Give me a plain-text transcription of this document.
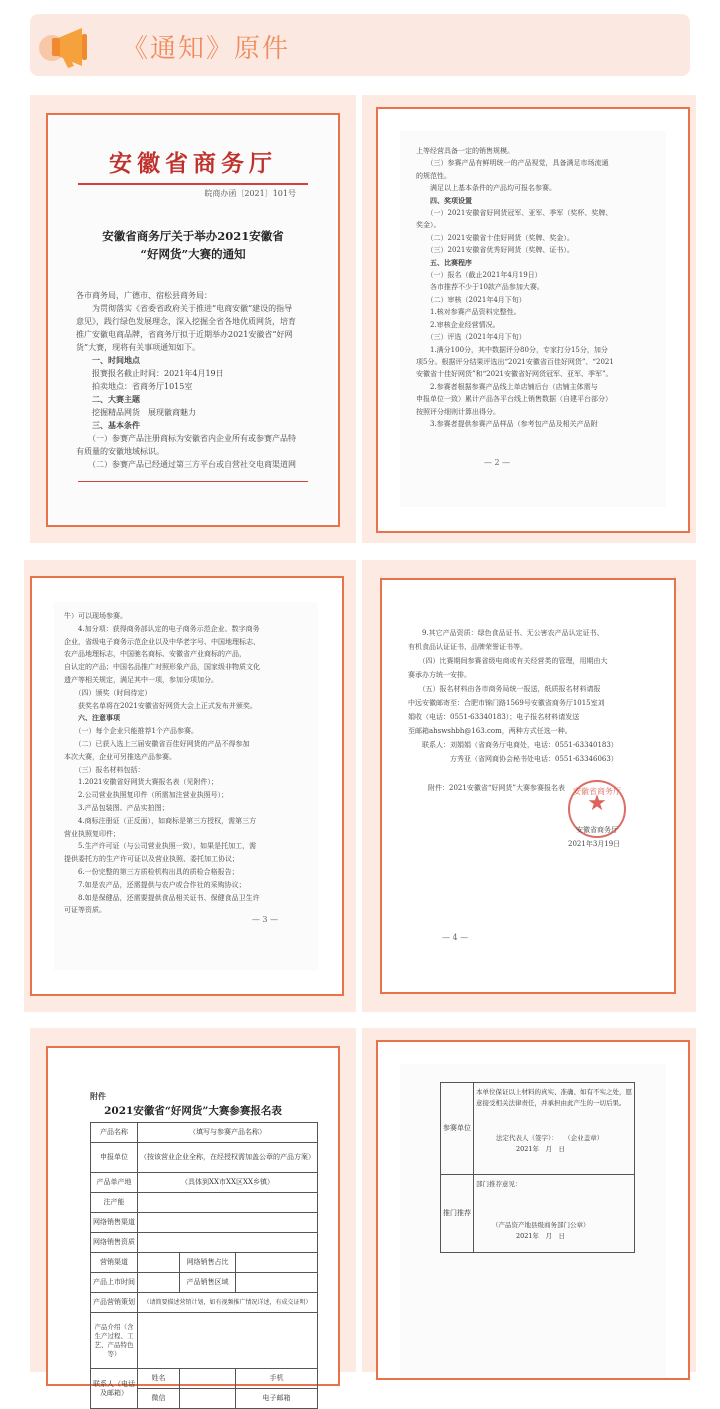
《通知》原件
安徽省商务厅
皖商办函〔2021〕101号
安徽省商务厅关于举办2021安徽省
“好网货”大赛的通知

各市商务局，广德市、宿松县商务局：

　　为贯彻落实《省委省政府关于推进“电商安徽”建设的指导

意见》，践行绿色发展理念，深入挖掘全省各地优质网货，培育

推广安徽电商品牌，省商务厅拟于近期举办2021安徽省“好网

货”大赛，现将有关事项通知如下。

　　一、时间地点

　　报赛报名截止时间：2021年4月19日

　　拍卖地点：省商务厅1015室

　　二、大赛主题

　　挖掘精品网货　展现徽商魅力

　　三、基本条件

　　（一）参赛产品注册商标为安徽省内企业所有或参赛产品特

有质量的安徽地域标识。

　　（二）参赛产品已经通过第三方平台或自营社交电商渠道网

上等经营具备一定的销售规模。

　　（三）参赛产品有鲜明统一的产品视觉，具备满足市场流通

的规范性。

　　满足以上基本条件的产品均可报名参赛。

　　四、奖项设置

　　（一）2021安徽省好网货冠军、亚军、季军（奖杯、奖牌、

奖金）。

　　（二）2021安徽省十佳好网货（奖牌、奖金）。

　　（三）2021安徽省优秀好网货（奖牌、证书）。

　　五、比赛程序

　　（一）报名（截止2021年4月19日）

　　各市推荐不少于10款产品参加大赛。

　　（二）审核（2021年4月下旬）

　　1.核对参赛产品资料完整性。

　　2.审核企业经营情况。

　　（三）评选（2021年4月下旬）

　　1.满分100分，其中数据评分80分，专家打分15分，加分

项5分。根据评分结果评选出“2021安徽省百佳好网货”、“2021

安徽省十佳好网货”和“2021安徽省好网货冠军、亚军、季军”。

　　2.参赛者根据参赛产品线上单店铺后台（店铺主体需与

申报单位一致）累计产品各平台线上销售数据（自建平台部分）

按照评分细则计算出得分。

　　3.参赛者提供参赛产品样品（参考包产品及相关产品附

— 2 —

牛）可以现场参赛。

　　4.加分项：获得商务部认定的电子商务示范企业、数字商务

企业，省级电子商务示范企业以及中华老字号、中国地理标志、

农产品地理标志，中国驰名商标、安徽省产业商标的产品，

自认定的产品；中国名品推广对照形象产品，国家级非物质文化

遗产等相关规定，满足其中一项，参加分项加分。

　　（四）颁奖（时间待定）

　　获奖名单将在2021安徽省好网货大会上正式发布并颁奖。

　　六、注意事项

　　（一）每个企业只能推荐1个产品参赛。

　　（二）已获入选上三届安徽省百佳好网货的产品不得参加

本次大赛，企业可另推选产品参赛。

　　（三）报名材料包括：

　　1.2021安徽省好网货大赛报名表（见附件）；

　　2.公司营业执照复印件（所需加注营业执照号）；

　　3.产品包装图、产品实拍图；

　　4.商标注册证（正反面），如商标是第三方授权，需第三方

营业执照复印件；

　　5.生产许可证（与公司营业执照一致），如果是托加工，需

提供委托方的生产许可证以及营业执照、委托加工协议；

　　6.一份完整的第三方质检机构出具的质检合格报告；

　　7.如是农产品，还需提供与农户或合作社的采购协议；

　　8.如是保健品，还需要提供食品相关证书、保健食品卫生许

可证等资质。

— 3 —

　　9.其它产品资质：绿色食品证书、无公害农产品认定证书、

有机食品认证证书、品牌荣誉证书等。

　　（四）比赛期间参赛省级电商或有关经营类的管理，用期由大

赛承办方统一安排。

　　（五）报名材料由各市商务局统一报送，纸质报名材料请报

中远安徽邮寄至：合肥市锦门路1569号安徽省商务厅1015室刘

娟收（电话：0551-63340183）；电子报名材料请发送

至邮箱ahswshbh@163.com，两种方式任选一种。

　　联系人：刘娟娟（省商务厅电商处，电话：0551-63340183）

　　　　　　方秀亚（省网商协会秘书处电话：0551-63346063）

附件：2021安徽省“好网货”大赛参赛报名表	安徽省商务厅
★
安徽省商务厅
2021年3月19日
— 4 —
附件
2021安徽省“好网货”大赛参赛报名表
产品名称	（填写与参赛产品名称）		
申报单位	（按该营业企业全称，在经授权需加盖公章的产品方案）		
产品单产地	（具体到XX市XX区XX乡镇）		
注产能			
网络销售渠道			
网络销售资质			
营销渠道		网络销售占比	
产品上市时间		产品销售区域	
产品营销策划	（请简要描述营销计划，如有视频推广情况详述，有成交证明）		
产品介绍（含生产过程、工艺、产品特色等）			
联系人（电话及邮箱）	姓名		手机
	微信		电子邮箱
参赛单位	本单位保证以上材料的真实、准确、如有不实之处，愿

意接受相关法律责任，并承担由此产生的一切后果。

法定代表人（签字）：　　（企业盖章）

2021年　月　日

推门推荐	部门推荐意见：

（产品资产地县级商务部门公章）

2021年　月　日
